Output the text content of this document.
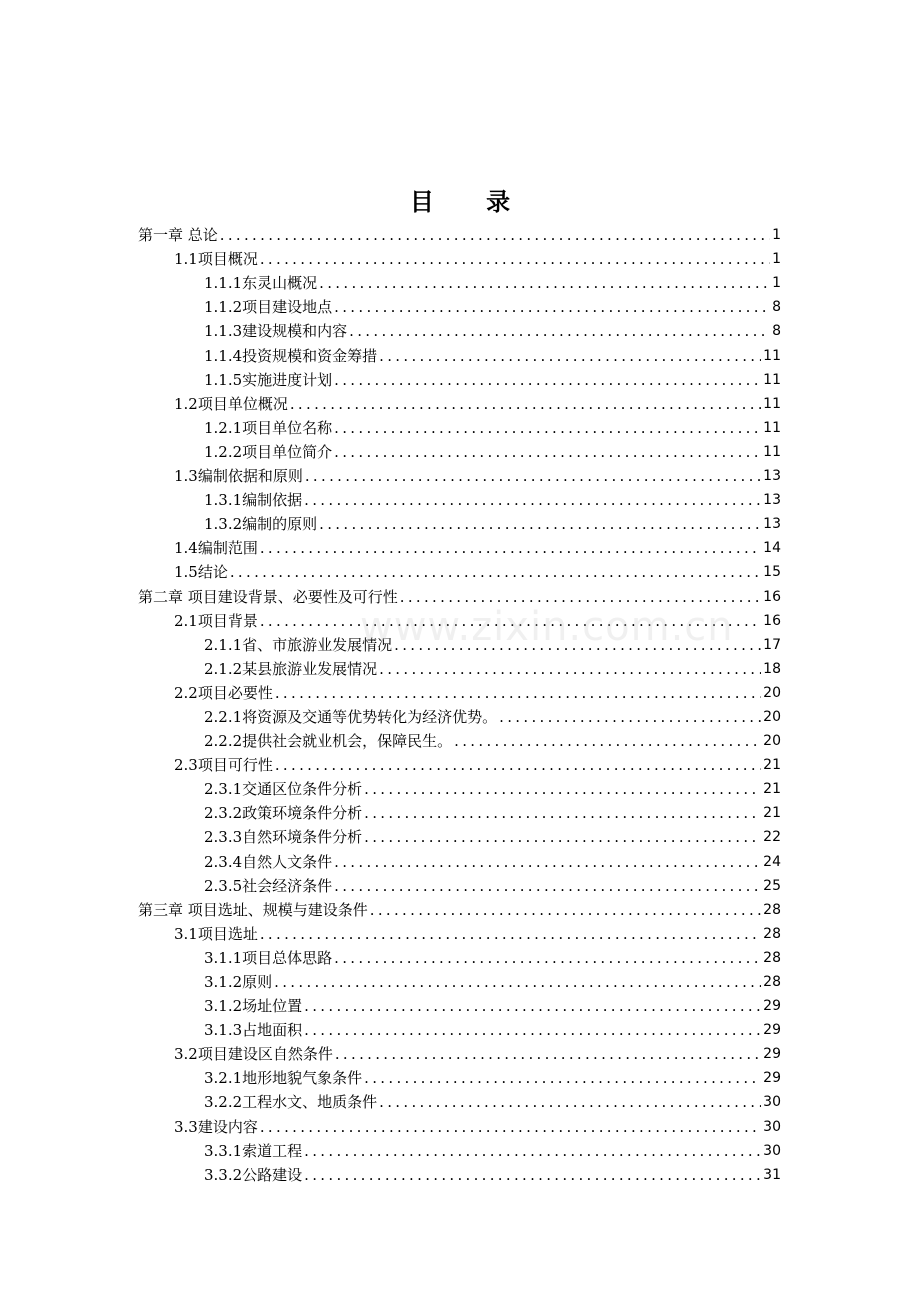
目 录
第一章 总论 .....	1
1.1项目概况 .....	1
1.1.1东灵山概况 .....	1
1.1.2项目建设地点 .....	8
1.1.3建设规模和内容 .....	8
1.1.4投资规模和资金筹措 .....	11
1.1.5实施进度计划 .....	11
1.2项目单位概况 .....	11
1.2.1项目单位名称 .....	11
1.2.2项目单位简介 .....	11
1.3编制依据和原则 .....	13
1.3.1编制依据 .....	13
1.3.2编制的原则 .....	13
1.4编制范围 .....	14
1.5结论 .....	15
第二章 项目建设背景、必要性及可行性 .....	16
2.1项目背景 .....	16
2.1.1省、市旅游业发展情况 .....	17
2.1.2某县旅游业发展情况 .....	18
2.2项目必要性 .....	20
2.2.1将资源及交通等优势转化为经济优势。 .....	20
2.2.2提供社会就业机会，保障民生。 .....	20
2.3项目可行性 .....	21
2.3.1交通区位条件分析 .....	21
2.3.2政策环境条件分析 .....	21
2.3.3自然环境条件分析 .....	22
2.3.4自然人文条件 .....	24
2.3.5社会经济条件 .....	25
第三章 项目选址、规模与建设条件 .....	28
3.1项目选址 .....	28
3.1.1项目总体思路 .....	28
3.1.2原则 .....	28
3.1.2场址位置 .....	29
3.1.3占地面积 .....	29
3.2项目建设区自然条件 .....	29
3.2.1地形地貌气象条件 .....	29
3.2.2工程水文、地质条件 .....	30
3.3建设内容 .....	30
3.3.1索道工程 .....	30
3.3.2公路建设 .....	31
www.zixin.com.cn
